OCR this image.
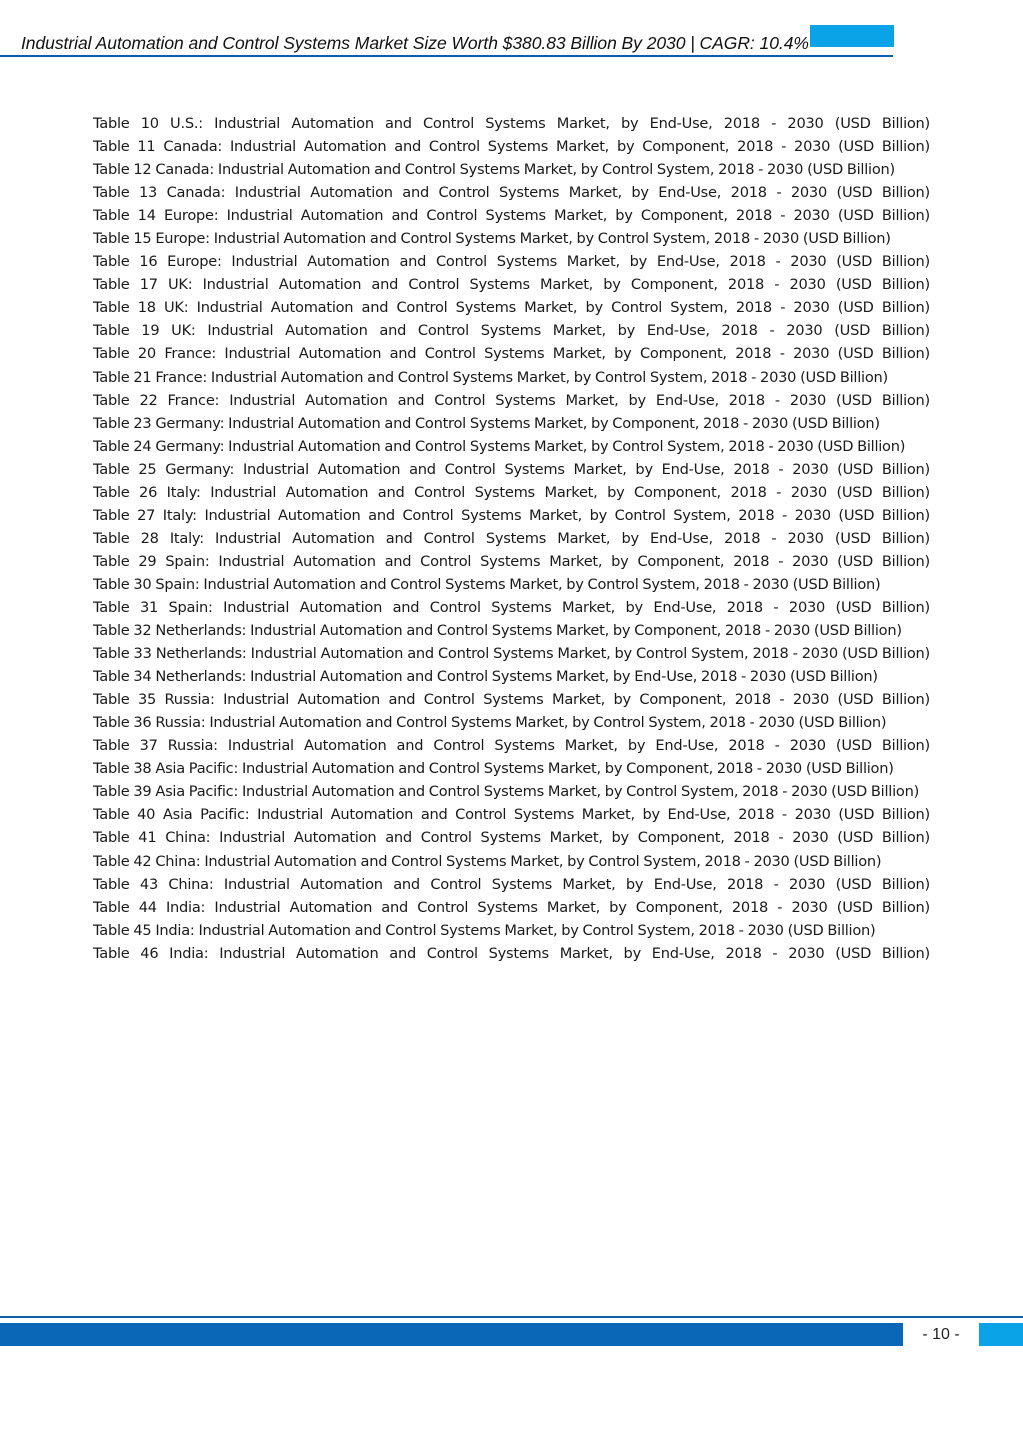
Industrial Automation and Control Systems Market Size Worth $380.83 Billion By 2030 | CAGR: 10.4%
Table 10 U.S.: Industrial Automation and Control Systems Market, by End-Use, 2018 - 2030 (USD Billion)
Table 11 Canada: Industrial Automation and Control Systems Market, by Component, 2018 - 2030 (USD Billion)
Table 12 Canada: Industrial Automation and Control Systems Market, by Control System, 2018 - 2030 (USD Billion)
Table 13 Canada: Industrial Automation and Control Systems Market, by End-Use, 2018 - 2030 (USD Billion)
Table 14 Europe: Industrial Automation and Control Systems Market, by Component, 2018 - 2030 (USD Billion)
Table 15 Europe: Industrial Automation and Control Systems Market, by Control System, 2018 - 2030 (USD Billion)
Table 16 Europe: Industrial Automation and Control Systems Market, by End-Use, 2018 - 2030 (USD Billion)
Table 17 UK: Industrial Automation and Control Systems Market, by Component, 2018 - 2030 (USD Billion)
Table 18 UK: Industrial Automation and Control Systems Market, by Control System, 2018 - 2030 (USD Billion)
Table 19 UK: Industrial Automation and Control Systems Market, by End-Use, 2018 - 2030 (USD Billion)
Table 20 France: Industrial Automation and Control Systems Market, by Component, 2018 - 2030 (USD Billion)
Table 21 France: Industrial Automation and Control Systems Market, by Control System, 2018 - 2030 (USD Billion)
Table 22 France: Industrial Automation and Control Systems Market, by End-Use, 2018 - 2030 (USD Billion)
Table 23 Germany: Industrial Automation and Control Systems Market, by Component, 2018 - 2030 (USD Billion)
Table 24 Germany: Industrial Automation and Control Systems Market, by Control System, 2018 - 2030 (USD Billion)
Table 25 Germany: Industrial Automation and Control Systems Market, by End-Use, 2018 - 2030 (USD Billion)
Table 26 Italy: Industrial Automation and Control Systems Market, by Component, 2018 - 2030 (USD Billion)
Table 27 Italy: Industrial Automation and Control Systems Market, by Control System, 2018 - 2030 (USD Billion)
Table 28 Italy: Industrial Automation and Control Systems Market, by End-Use, 2018 - 2030 (USD Billion)
Table 29 Spain: Industrial Automation and Control Systems Market, by Component, 2018 - 2030 (USD Billion)
Table 30 Spain: Industrial Automation and Control Systems Market, by Control System, 2018 - 2030 (USD Billion)
Table 31 Spain: Industrial Automation and Control Systems Market, by End-Use, 2018 - 2030 (USD Billion)
Table 32 Netherlands: Industrial Automation and Control Systems Market, by Component, 2018 - 2030 (USD Billion)
Table 33 Netherlands: Industrial Automation and Control Systems Market, by Control System, 2018 - 2030 (USD Billion)
Table 34 Netherlands: Industrial Automation and Control Systems Market, by End-Use, 2018 - 2030 (USD Billion)
Table 35 Russia: Industrial Automation and Control Systems Market, by Component, 2018 - 2030 (USD Billion)
Table 36 Russia: Industrial Automation and Control Systems Market, by Control System, 2018 - 2030 (USD Billion)
Table 37 Russia: Industrial Automation and Control Systems Market, by End-Use, 2018 - 2030 (USD Billion)
Table 38 Asia Pacific: Industrial Automation and Control Systems Market, by Component, 2018 - 2030 (USD Billion)
Table 39 Asia Pacific: Industrial Automation and Control Systems Market, by Control System, 2018 - 2030 (USD Billion)
Table 40 Asia Pacific: Industrial Automation and Control Systems Market, by End-Use, 2018 - 2030 (USD Billion)
Table 41 China: Industrial Automation and Control Systems Market, by Component, 2018 - 2030 (USD Billion)
Table 42 China: Industrial Automation and Control Systems Market, by Control System, 2018 - 2030 (USD Billion)
Table 43 China: Industrial Automation and Control Systems Market, by End-Use, 2018 - 2030 (USD Billion)
Table 44 India: Industrial Automation and Control Systems Market, by Component, 2018 - 2030 (USD Billion)
Table 45 India: Industrial Automation and Control Systems Market, by Control System, 2018 - 2030 (USD Billion)
Table 46 India: Industrial Automation and Control Systems Market, by End-Use, 2018 - 2030 (USD Billion)
- 10 -
